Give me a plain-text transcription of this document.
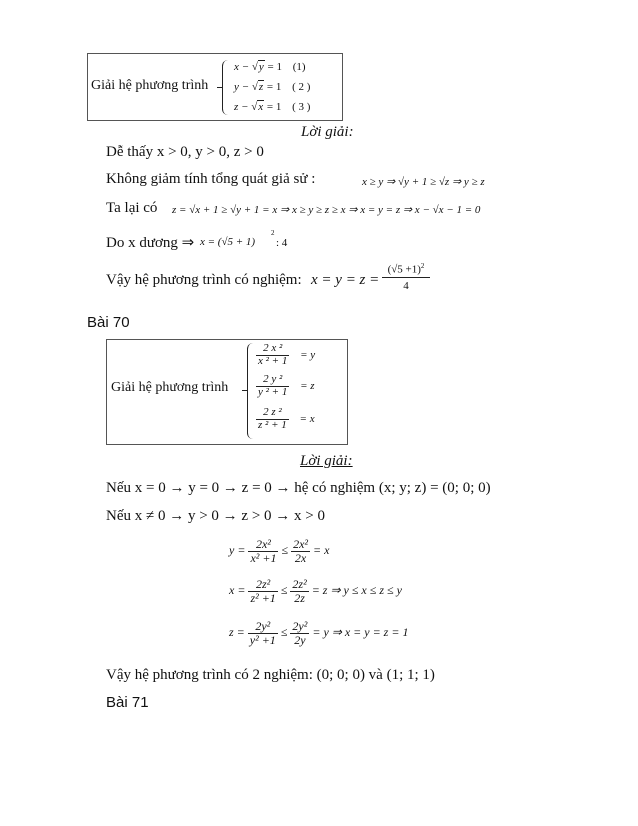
Giải hệ phương trình
x − √y = 1 (1)
y − √z = 1 ( 2 )
z − √x = 1 ( 3 )
Lời giải:
Dễ thấy x > 0, y > 0, z > 0
Không giảm tính tổng quát giả sử :	x ≥ y ⇒ √y + 1 ≥ √z ⇒ y ≥ z
Ta lại có z = √x + 1 ≥ √y + 1 = x ⇒ x ≥ y ≥ z ≥ x ⇒ x = y = z ⇒ x − √x − 1 = 0
Do x dương ⇒ x = (√5 + 1)
2
: 4
Vậy hệ phương trình có nghiệm: $x = y = z = \frac{(√5 +1)^2}{4}$
Bài 70
Giải hệ phương trình
$\frac{\text{2 x ²}}{\text{x ² + 1}} = y$
$\frac{\text{2 y ²}}{\text{y ² + 1}} = z$
$\frac{\text{2 z ²}}{\text{z ² + 1}} = x$
Lời giải:
Nếu x = 0 → y = 0 → z = 0 → hệ có nghiệm (x; y; z) = (0; 0; 0)
Nếu x ≠ 0 → y > 0 → z > 0 → x > 0
$y = \frac{\text{2x²}}{\text{x² +1}} \le \frac{\text{2x²}}{2x} = x$
$x = \frac{\text{2z²}}{\text{z² +1}} \le \frac{\text{2z²}}{2z} = z$ ⇒ y ≤ x ≤ z ≤ y
$z = \frac{\text{2y²}}{\text{y² +1}} \le \frac{\text{2y²}}{2y} = y$ ⇒ x = y = z = 1
Vậy hệ phương trình có 2 nghiệm: (0; 0; 0) và (1; 1; 1)
Bài 71
